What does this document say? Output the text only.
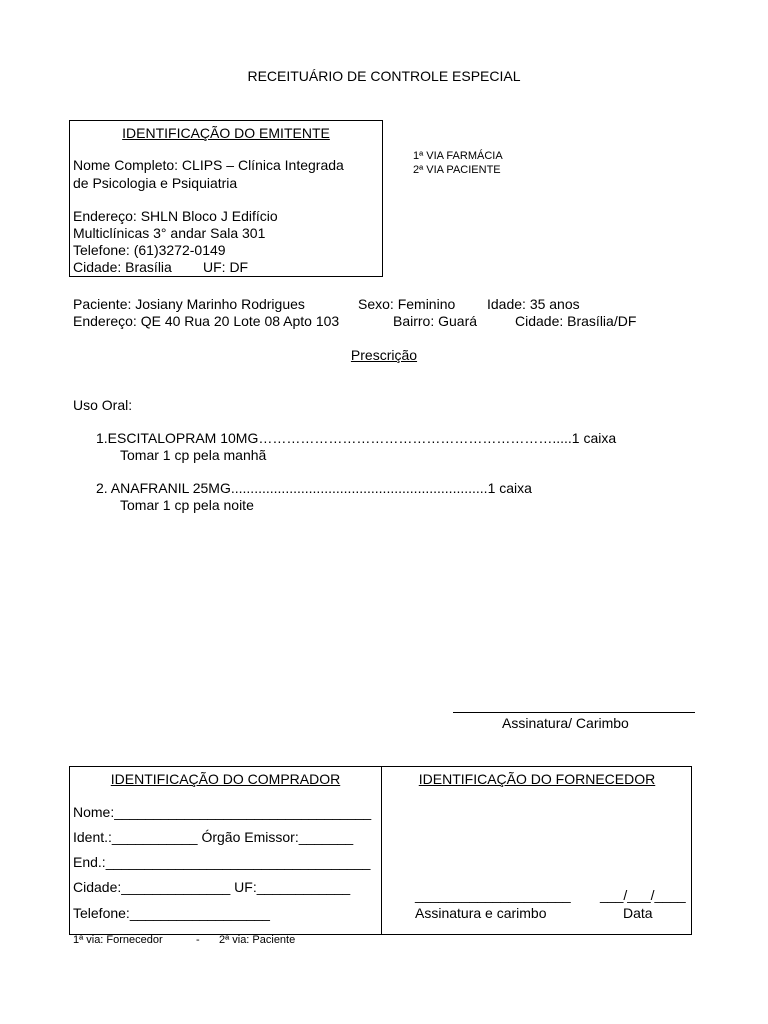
RECEITUÁRIO DE CONTROLE ESPECIAL
IDENTIFICAÇÃO DO EMITENTE
Nome Completo: CLIPS – Clínica Integrada
de Psicologia e Psiquiatria
Endereço: SHLN Bloco J Edifício
Multiclínicas 3° andar Sala 301
Telefone: (61)3272-0149
Cidade: Brasília UF: DF
1ª VIA FARMÁCIA
2ª VIA PACIENTE
Paciente: Josiany Marinho Rodrigues	Sexo: Feminino Idade: 35 anos
Endereço: QE 40 Rua 20 Lote 08 Apto 103	Bairro: Guará	Cidade: Brasília/DF
Prescrição
Uso Oral:
1.ESCITALOPRAM 10MG……………………………………………………….....1 caixa
Tomar 1 cp pela manhã
2. ANAFRANIL 25MG..................................................................1 caixa
Tomar 1 cp pela noite
Assinatura/ Carimbo
IDENTIFICAÇÃO DO COMPRADOR
Nome:_________________________________
Ident.:___________ Órgão Emissor:_______
End.:__________________________________
Cidade:______________ UF:____________
Telefone:__________________
IDENTIFICAÇÃO DO FORNECEDOR
____________________ ___/___/____
Assinatura e carimbo	Data
1ª via: Fornecedor	- 2ª via: Paciente
